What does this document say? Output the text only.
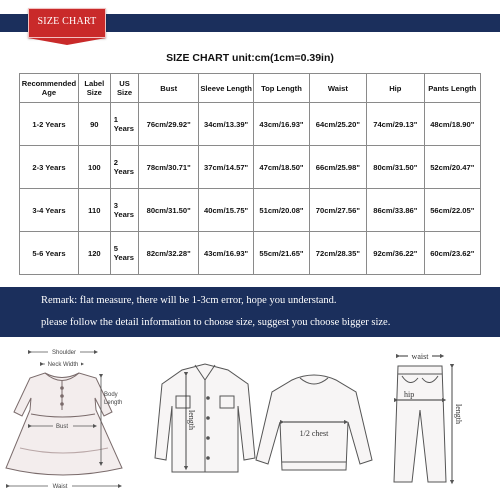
SIZE CHART
SIZE CHART unit:cm(1cm=0.39in)
Recommended Age	Label Size	US Size	Bust	Sleeve Length	Top Length	Waist	Hip	Pants Length
1-2 Years	90	1 Years	76cm/29.92"	34cm/13.39"	43cm/16.93"	64cm/25.20"	74cm/29.13"	48cm/18.90"
2-3 Years	100	2 Years	78cm/30.71"	37cm/14.57"	47cm/18.50"	66cm/25.98"	80cm/31.50"	52cm/20.47"
3-4 Years	110	3 Years	80cm/31.50"	40cm/15.75"	51cm/20.08"	70cm/27.56"	86cm/33.86"	56cm/22.05"
5-6 Years	120	5 Years	82cm/32.28"	43cm/16.93"	55cm/21.65"	72cm/28.35"	92cm/36.22"	60cm/23.62"
Remark: flat measure, there will be 1-3cm error, hope you understand.
please follow the detail information to choose size, suggest you choose bigger size.
Shoulder
Neck Width
Bust
Waist
Body
Length
length
1/2 chest
waist
hip
length
